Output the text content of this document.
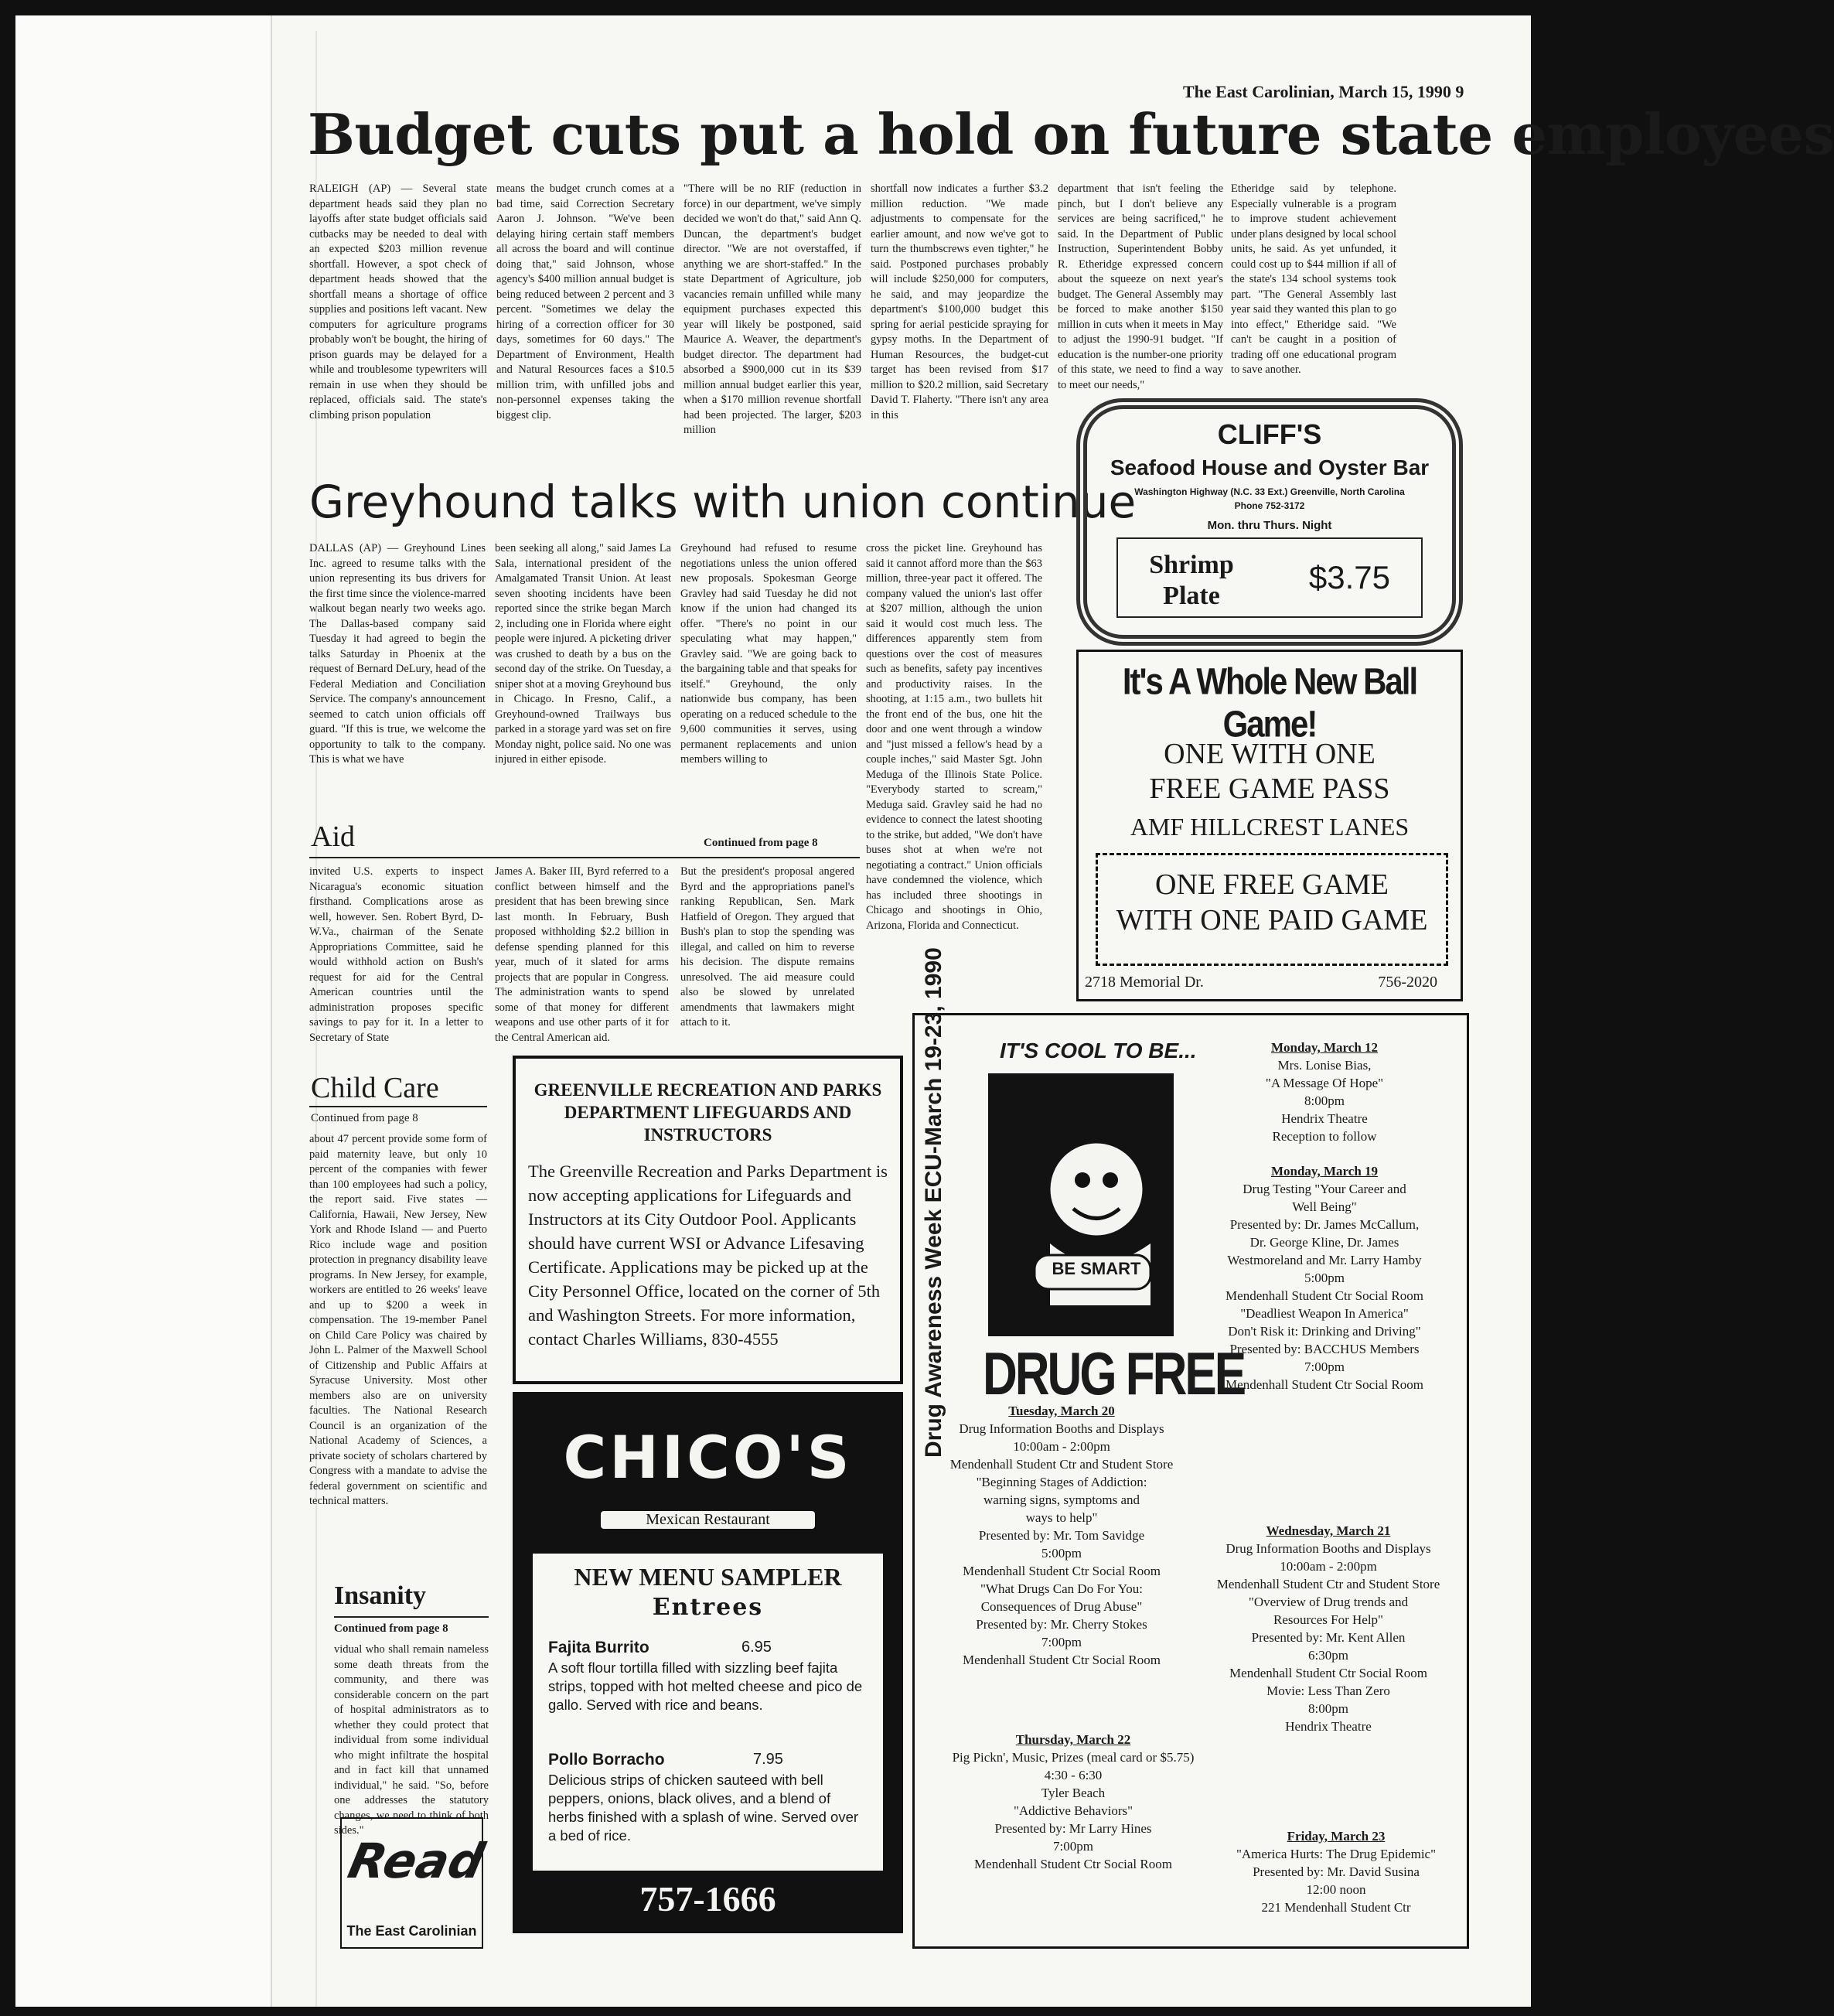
The East Carolinian, March 15, 1990 9
Budget cuts put a hold on future state employees
RALEIGH (AP) — Several state department heads said they plan no layoffs after state budget officials said cutbacks may be needed to deal with an expected $203 million revenue shortfall. However, a spot check of department heads showed that the shortfall means a shortage of office supplies and positions left vacant. New computers for agriculture programs probably won't be bought, the hiring of prison guards may be delayed for a while and troublesome typewriters will remain in use when they should be replaced, officials said. The state's climbing prison population
means the budget crunch comes at a bad time, said Correction Secretary Aaron J. Johnson. "We've been delaying hiring certain staff members all across the board and will continue doing that," said Johnson, whose agency's $400 million annual budget is being reduced between 2 percent and 3 percent. "Sometimes we delay the hiring of a correction officer for 30 days, sometimes for 60 days." The Department of Environment, Health and Natural Resources faces a $10.5 million trim, with unfilled jobs and non-personnel expenses taking the biggest clip.
"There will be no RIF (reduction in force) in our department, we've simply decided we won't do that," said Ann Q. Duncan, the department's budget director. "We are not overstaffed, if anything we are short-staffed." In the state Department of Agriculture, job vacancies remain unfilled while many equipment purchases expected this year will likely be postponed, said Maurice A. Weaver, the department's budget director. The department had absorbed a $900,000 cut in its $39 million annual budget earlier this year, when a $170 million revenue shortfall had been projected. The larger, $203 million
shortfall now indicates a further $3.2 million reduction. "We made adjustments to compensate for the earlier amount, and now we've got to turn the thumbscrews even tighter," he said. Postponed purchases probably will include $250,000 for computers, he said, and may jeopardize the department's $100,000 budget this spring for aerial pesticide spraying for gypsy moths. In the Department of Human Resources, the budget-cut target has been revised from $17 million to $20.2 million, said Secretary David T. Flaherty. "There isn't any area in this
department that isn't feeling the pinch, but I don't believe any services are being sacrificed," he said. In the Department of Public Instruction, Superintendent Bobby R. Etheridge expressed concern about the squeeze on next year's budget. The General Assembly may be forced to make another $150 million in cuts when it meets in May to adjust the 1990-91 budget. "If education is the number-one priority of this state, we need to find a way to meet our needs,"
Etheridge said by telephone. Especially vulnerable is a program to improve student achievement under plans designed by local school units, he said. As yet unfunded, it could cost up to $44 million if all of the state's 134 school systems took part. "The General Assembly last year said they wanted this plan to go into effect," Etheridge said. "We can't be caught in a position of trading off one educational program to save another.
Greyhound talks with union continue
DALLAS (AP) — Greyhound Lines Inc. agreed to resume talks with the union representing its bus drivers for the first time since the violence-marred walkout began nearly two weeks ago. The Dallas-based company said Tuesday it had agreed to begin the talks Saturday in Phoenix at the request of Bernard DeLury, head of the Federal Mediation and Conciliation Service. The company's announcement seemed to catch union officials off guard. "If this is true, we welcome the opportunity to talk to the company. This is what we have
been seeking all along," said James La Sala, international president of the Amalgamated Transit Union. At least seven shooting incidents have been reported since the strike began March 2, including one in Florida where eight people were injured. A picketing driver was crushed to death by a bus on the second day of the strike. On Tuesday, a sniper shot at a moving Greyhound bus in Chicago. In Fresno, Calif., a Greyhound-owned Trailways bus parked in a storage yard was set on fire Monday night, police said. No one was injured in either episode.
Greyhound had refused to resume negotiations unless the union offered new proposals. Spokesman George Gravley had said Tuesday he did not know if the union had changed its offer. "There's no point in our speculating what may happen," Gravley said. "We are going back to the bargaining table and that speaks for itself." Greyhound, the only nationwide bus company, has been operating on a reduced schedule to the 9,600 communities it serves, using permanent replacements and union members willing to
cross the picket line. Greyhound has said it cannot afford more than the $63 million, three-year pact it offered. The company valued the union's last offer at $207 million, although the union said it would cost much less. The differences apparently stem from questions over the cost of measures such as benefits, safety pay incentives and productivity raises. In the shooting, at 1:15 a.m., two bullets hit the front end of the bus, one hit the door and one went through a window and "just missed a fellow's head by a couple inches," said Master Sgt. John Meduga of the Illinois State Police. "Everybody started to scream," Meduga said. Gravley said he had no evidence to connect the latest shooting to the strike, but added, "We don't have buses shot at when we're not negotiating a contract." Union officials have condemned the violence, which has included three shootings in Chicago and shootings in Ohio, Arizona, Florida and Connecticut.
Aid	Continued from page 8
invited U.S. experts to inspect Nicaragua's economic situation firsthand. Complications arose as well, however. Sen. Robert Byrd, D-W.Va., chairman of the Senate Appropriations Committee, said he would withhold action on Bush's request for aid for the Central American countries until the administration proposes specific savings to pay for it. In a letter to Secretary of State
James A. Baker III, Byrd referred to a conflict between himself and the president that has been brewing since last month. In February, Bush proposed withholding $2.2 billion in defense spending planned for this year, much of it slated for arms projects that are popular in Congress. The administration wants to spend some of that money for different weapons and use other parts of it for the Central American aid.
But the president's proposal angered Byrd and the appropriations panel's ranking Republican, Sen. Mark Hatfield of Oregon. They argued that Bush's plan to stop the spending was illegal, and called on him to reverse his decision. The dispute remains unresolved. The aid measure could also be slowed by unrelated amendments that lawmakers might attach to it.
Child Care
Continued from page 8
about 47 percent provide some form of paid maternity leave, but only 10 percent of the companies with fewer than 100 employees had such a policy, the report said. Five states — California, Hawaii, New Jersey, New York and Rhode Island — and Puerto Rico include wage and position protection in pregnancy disability leave programs. In New Jersey, for example, workers are entitled to 26 weeks' leave and up to $200 a week in compensation. The 19-member Panel on Child Care Policy was chaired by John L. Palmer of the Maxwell School of Citizenship and Public Affairs at Syracuse University. Most other members also are on university faculties. The National Research Council is an organization of the National Academy of Sciences, a private society of scholars chartered by Congress with a mandate to advise the federal government on scientific and technical matters.
Insanity
Continued from page 8
vidual who shall remain nameless some death threats from the community, and there was considerable concern on the part of hospital administrators as to whether they could protect that individual from some individual who might infiltrate the hospital and in fact kill that unnamed individual," he said. "So, before one addresses the statutory changes, we need to think of both sides."
Read
The East Carolinian
CLIFF'S
Seafood House and Oyster Bar
Washington Highway (N.C. 33 Ext.) Greenville, North Carolina
Phone 752-3172
Mon. thru Thurs. Night
Shrimp Plate
$3.75
It's A Whole New Ball Game!
ONE WITH ONE
FREE GAME PASS
AMF HILLCREST LANES
ONE FREE GAME
WITH ONE PAID GAME
2718 Memorial Dr.	756-2020
GREENVILLE RECREATION AND PARKS DEPARTMENT LIFEGUARDS AND INSTRUCTORS
The Greenville Recreation and Parks Department is now accepting applications for Lifeguards and Instructors at its City Outdoor Pool. Applicants should have current WSI or Advance Lifesaving Certificate. Applications may be picked up at the City Personnel Office, located on the corner of 5th and Washington Streets. For more information, contact Charles Williams, 830-4555
CHICO'S
Mexican Restaurant
NEW MENU SAMPLER
Entrees
Fajita Burrito	6.95
A soft flour tortilla filled with sizzling beef fajita strips, topped with hot melted cheese and pico de gallo. Served with rice and beans.
Pollo Borracho	7.95
Delicious strips of chicken sauteed with bell peppers, onions, black olives, and a blend of herbs finished with a splash of wine. Served over a bed of rice.
757-1666
IT'S COOL TO BE...
Drug Awareness Week ECU-March 19-23, 1990	BE SMART
DRUG FREE
Monday, March 12
Mrs. Lonise Bias,
"A Message Of Hope"
8:00pm
Hendrix Theatre
Reception to follow
Monday, March 19
Drug Testing "Your Career and
Well Being"
Presented by: Dr. James McCallum,
Dr. George Kline, Dr. James
Westmoreland and Mr. Larry Hamby
5:00pm
Mendenhall Student Ctr Social Room
"Deadliest Weapon In America"
Don't Risk it: Drinking and Driving"
Presented by: BACCHUS Members
7:00pm
Mendenhall Student Ctr Social Room
Tuesday, March 20
Drug Information Booths and Displays
10:00am - 2:00pm
Mendenhall Student Ctr and Student Store
"Beginning Stages of Addiction:
warning signs, symptoms and
ways to help"
Presented by: Mr. Tom Savidge
5:00pm
Mendenhall Student Ctr Social Room
"What Drugs Can Do For You:
Consequences of Drug Abuse"
Presented by: Mr. Cherry Stokes
7:00pm
Mendenhall Student Ctr Social Room
Wednesday, March 21
Drug Information Booths and Displays
10:00am - 2:00pm
Mendenhall Student Ctr and Student Store
"Overview of Drug trends and
Resources For Help"
Presented by: Mr. Kent Allen
6:30pm
Mendenhall Student Ctr Social Room
Movie: Less Than Zero
8:00pm
Hendrix Theatre
Thursday, March 22
Pig Pickn', Music, Prizes (meal card or $5.75)
4:30 - 6:30
Tyler Beach
"Addictive Behaviors"
Presented by: Mr Larry Hines
7:00pm
Mendenhall Student Ctr Social Room
Friday, March 23
"America Hurts: The Drug Epidemic"
Presented by: Mr. David Susina
12:00 noon
221 Mendenhall Student Ctr
